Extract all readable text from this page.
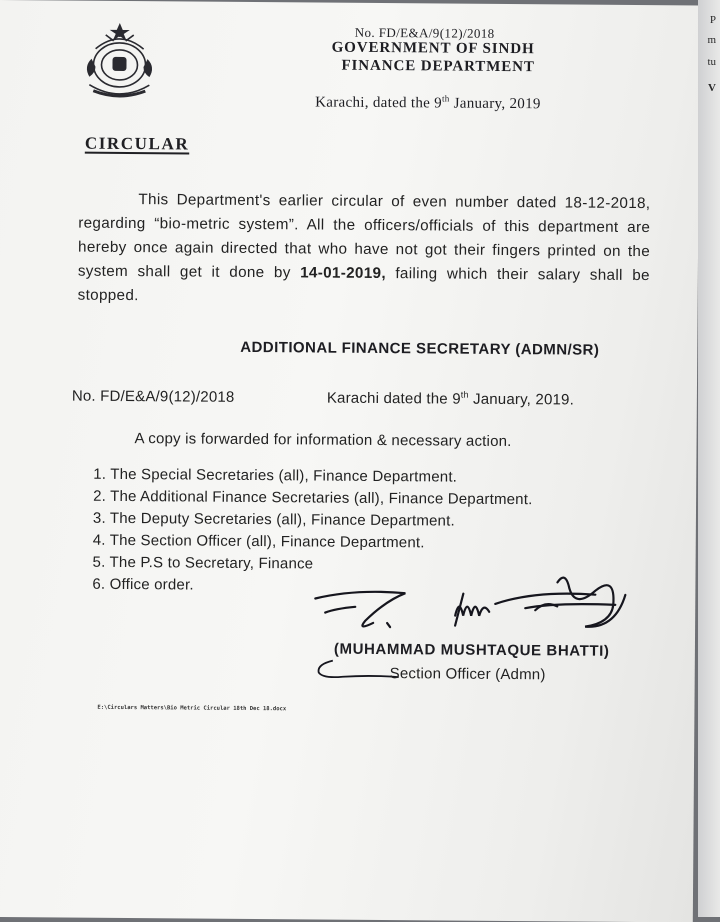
No. FD/E&A/9(12)/2018
GOVERNMENT OF SINDH
FINANCE DEPARTMENT
Karachi, dated the 9th January, 2019
CIRCULAR

This Department's earlier circular of even number dated 18-12-2018, regarding “bio-metric system”. All the officers/officials of this department are hereby once again directed that who have not got their fingers printed on the system shall get it done by 14-01-2019, failing which their salary shall be stopped.

ADDITIONAL FINANCE SECRETARY (ADMN/SR)
No. FD/E&A/9(12)/2018	Karachi dated the 9th January, 2019.
A copy is forwarded for information & necessary action.
1. The Special Secretaries (all), Finance Department.
2. The Additional Finance Secretaries (all), Finance Department.
3. The Deputy Secretaries (all), Finance Department.
4. The Section Officer (all), Finance Department.
5. The P.S to Secretary, Finance
6. Office order.
(MUHAMMAD MUSHTAQUE BHATTI)
Section Officer (Admn)
E:\Circulars Matters\Bio Metric Circular 18th Dec 18.docx
P
m
tu
V
